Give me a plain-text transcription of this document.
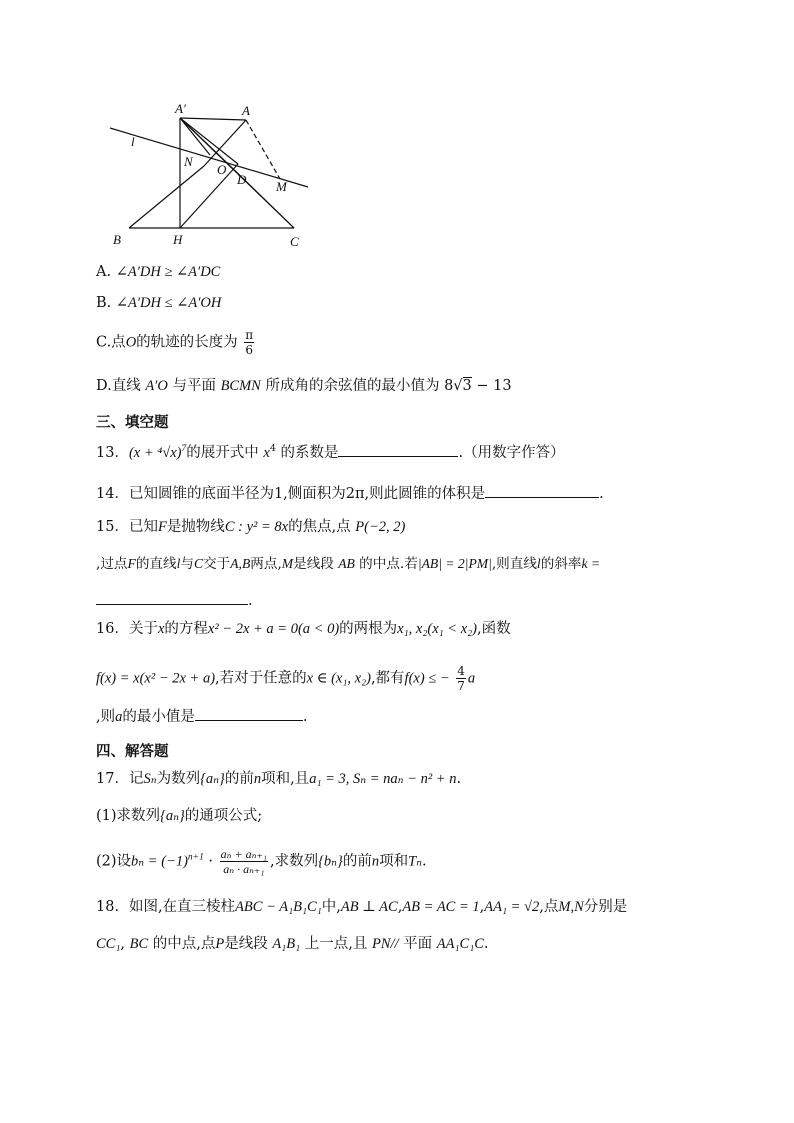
A′	A
l
N
O
D M
B	H	C
A. ∠A′DH ≥ ∠A′DC
B. ∠A′DH ≤ ∠A′OH
C.点O的轨迹的长度为 $\frac{\pi}{6}$
D.直线 A′O 与平面 BCMN 所成角的余弦值的最小值为 8√3 − 13
三、填空题
13．$(x + ^4√x)^7$的展开式中 $x^4$ 的系数是	.（用数字作答）
14．已知圆锥的底面半径为1,侧面积为2π,则此圆锥的体积是	.
15．已知F是抛物线C : y² = 8x的焦点,点 P(−2, 2)
,过点F的直线l与C交于A,B两点,M是线段 AB 的中点.若|AB| = 2|PM|,则直线l的斜率k =
.
16．关于x的方程x² − 2x + a = 0(a < 0)的两根为x₁, x₂(x₁ < x₂),函数
f(x) = x(x² − 2x + a),若对于任意的x ∈ (x₁, x₂),都有f(x) ≤ − $\frac{4}{7}$ a
,则a的最小值是	.
四、解答题
17．记Sₙ为数列{aₙ}的前n项和,且a₁ = 3, Sₙ = naₙ − n² + n.
(1)求数列{aₙ}的通项公式;
(2)设$b_n = (-1)^{n+1} \cdot \frac{\text{aₙ + aₙ₊₁}}{\text{aₙ · aₙ₊₁}}$ ,求数列{bₙ}的前n项和Tₙ.
18．如图,在直三棱柱ABC − A₁B₁C₁中,AB ⊥ AC,AB = AC = 1,AA₁ = √2,点M,N分别是
CC₁, BC 的中点,点P是线段 A₁B₁ 上一点,且 PN// 平面 AA₁C₁C.
